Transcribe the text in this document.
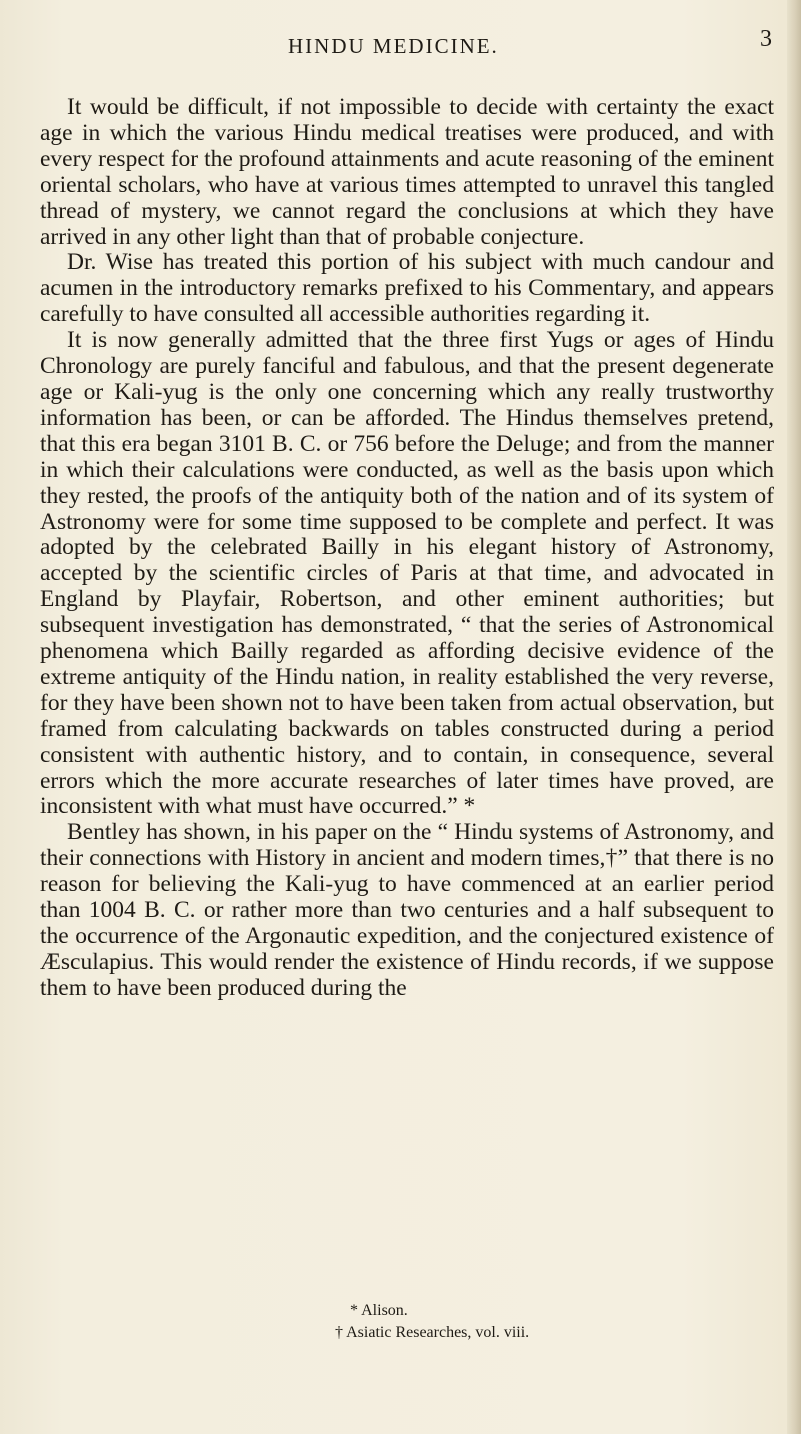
HINDU MEDICINE.	3

It would be difficult, if not impossible to decide with certainty the exact age in which the various Hindu medical treatises were produced, and with every respect for the profound attainments and acute reasoning of the eminent oriental scholars, who have at various times attempted to unravel this tangled thread of mystery, we cannot regard the conclusions at which they have arrived in any other light than that of probable conjecture.

Dr. Wise has treated this portion of his subject with much candour and acumen in the introductory remarks prefixed to his Commentary, and appears carefully to have consulted all accessible authorities regarding it.

It is now generally admitted that the three first Yugs or ages of Hindu Chronology are purely fanciful and fabulous, and that the present degenerate age or Kali-yug is the only one concerning which any really trustworthy information has been, or can be afforded. The Hindus themselves pretend, that this era began 3101 B. C. or 756 before the Deluge; and from the manner in which their calculations were conducted, as well as the basis upon which they rested, the proofs of the antiquity both of the nation and of its system of Astronomy were for some time supposed to be complete and perfect. It was adopted by the celebrated Bailly in his elegant history of Astronomy, accepted by the scientific circles of Paris at that time, and advocated in England by Playfair, Robertson, and other eminent authorities; but subsequent investigation has demonstrated, “ that the series of Astronomical phenomena which Bailly regarded as affording decisive evidence of the extreme antiquity of the Hindu nation, in reality established the very reverse, for they have been shown not to have been taken from actual observation, but framed from calculating backwards on tables constructed during a period consistent with authentic history, and to contain, in consequence, several errors which the more accurate researches of later times have proved, are inconsistent with what must have occurred.” *

Bentley has shown, in his paper on the “ Hindu systems of Astronomy, and their connections with History in ancient and modern times,†” that there is no reason for believing the Kali-yug to have commenced at an earlier period than 1004 B. C. or rather more than two centuries and a half subsequent to the occurrence of the Argonautic expedition, and the conjectured existence of Æsculapius. This would render the existence of Hindu records, if we suppose them to have been produced during the

* Alison.

† Asiatic Researches, vol. viii.
